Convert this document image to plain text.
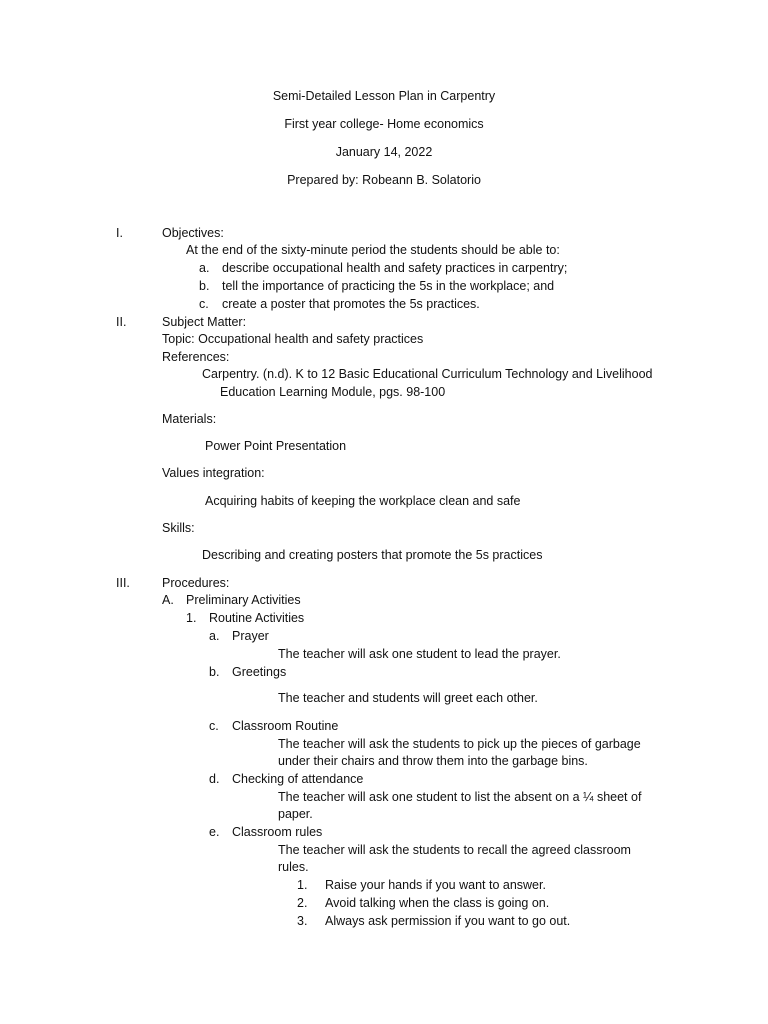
Semi-Detailed Lesson Plan in Carpentry
First year college- Home economics
January 14, 2022
Prepared by: Robeann B. Solatorio
I.	Objectives:
At the end of the sixty-minute period the students should be able to:
a. describe occupational health and safety practices in carpentry;
b. tell the importance of practicing the 5s in the workplace; and
c. create a poster that promotes the 5s practices.
II.	Subject Matter:
Topic: Occupational health and safety practices
References:
Carpentry. (n.d). K to 12 Basic Educational Curriculum Technology and Livelihood
Education Learning Module, pgs. 98-100
Materials:
Power Point Presentation
Values integration:
Acquiring habits of keeping the workplace clean and safe
Skills:
Describing and creating posters that promote the 5s practices
III.	Procedures:
A. Preliminary Activities
1. Routine Activities
a. Prayer
The teacher will ask one student to lead the prayer.
b. Greetings
The teacher and students will greet each other.
c. Classroom Routine
The teacher will ask the students to pick up the pieces of garbage
under their chairs and throw them into the garbage bins.
d. Checking of attendance
The teacher will ask one student to list the absent on a ¼ sheet of
paper.
e. Classroom rules
The teacher will ask the students to recall the agreed classroom
rules.
1. Raise your hands if you want to answer.
2. Avoid talking when the class is going on.
3. Always ask permission if you want to go out.
